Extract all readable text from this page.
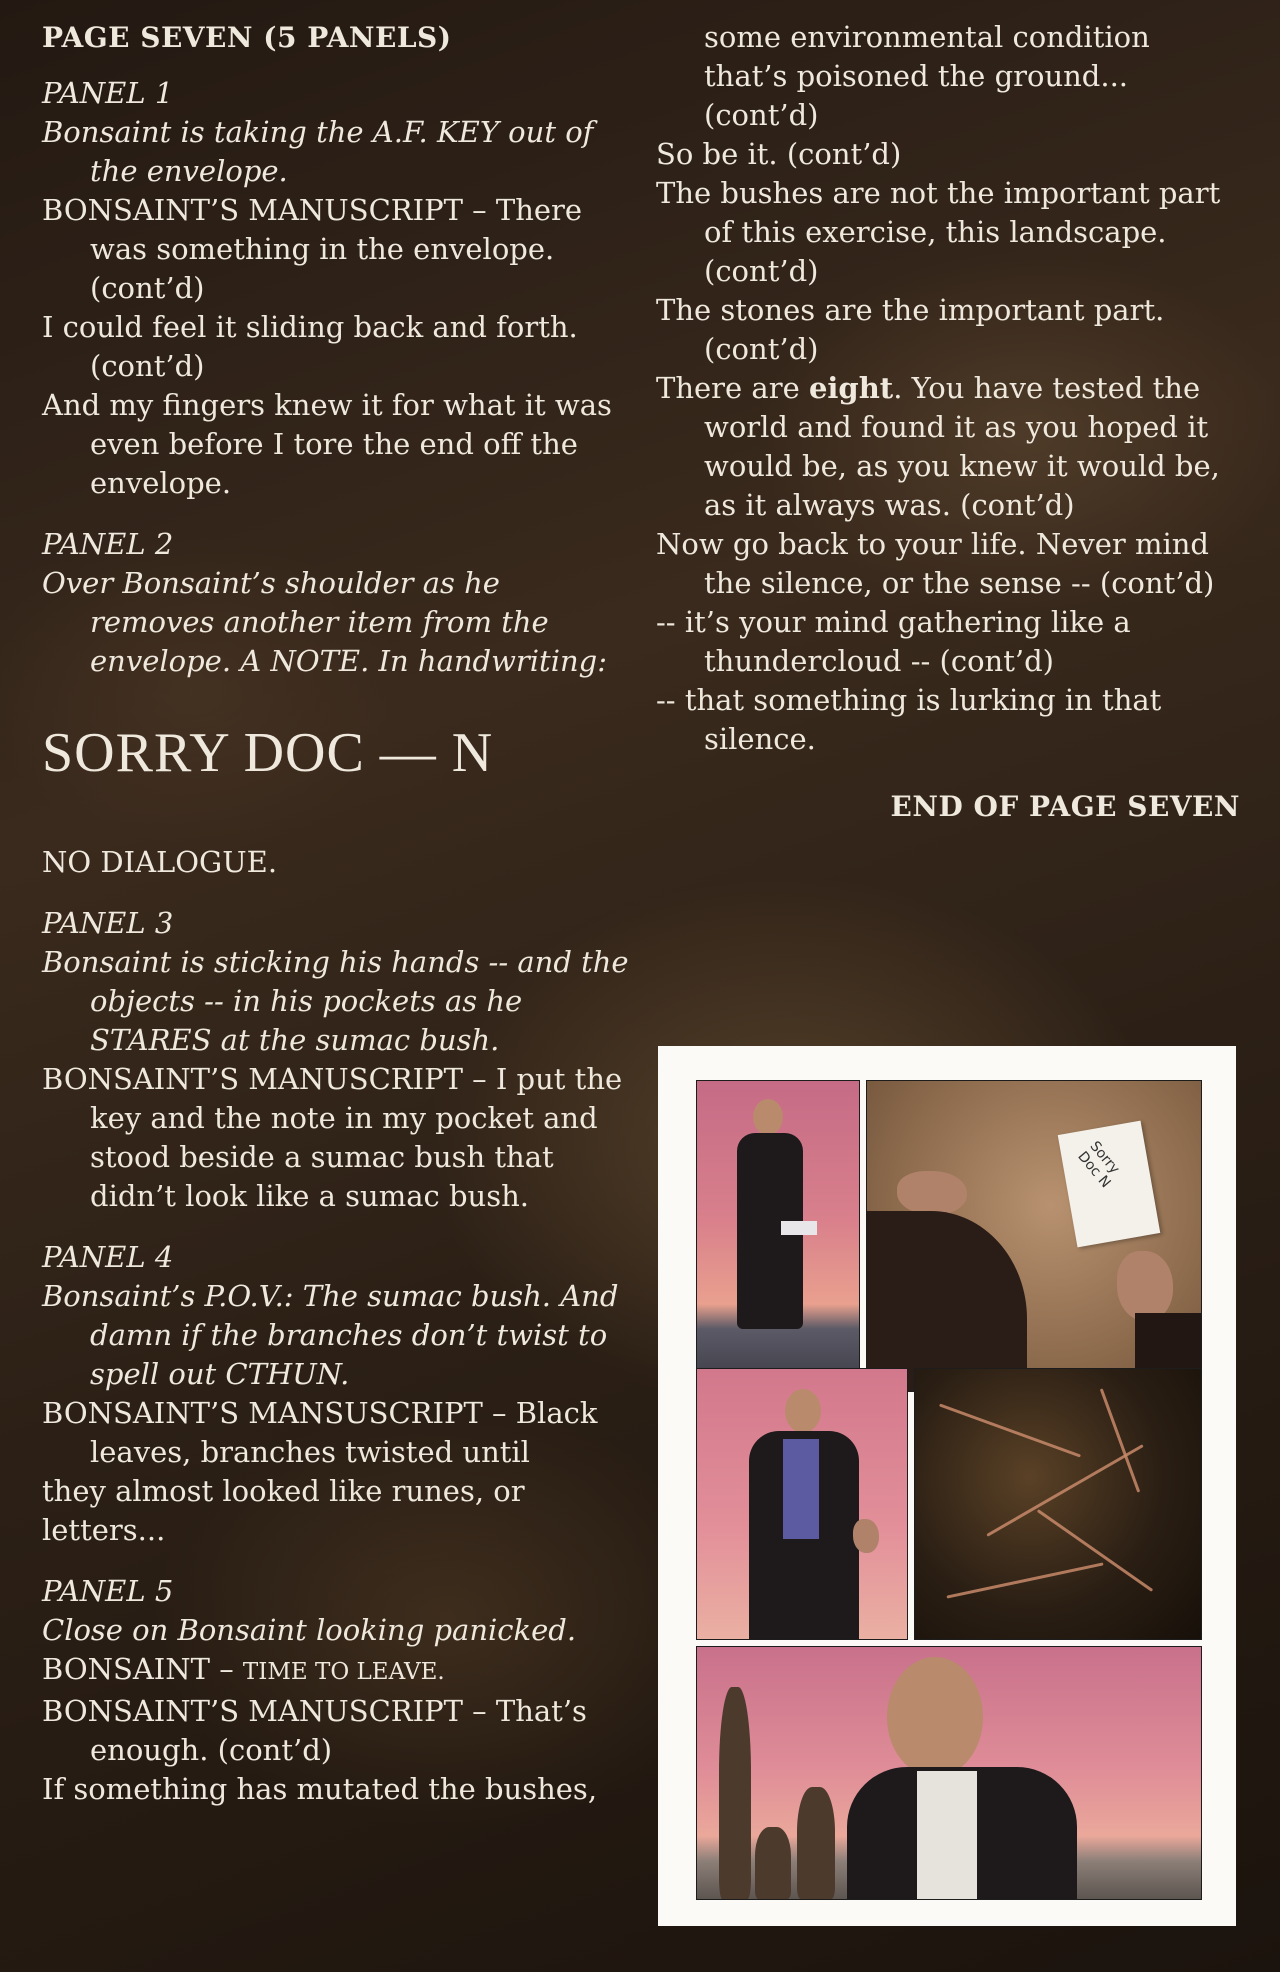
PAGE SEVEN (5 PANELS)

PANEL 1

Bonsaint is taking the A.F. KEY out of the envelope.

BONSAINT’S MANUSCRIPT – There was something in the envelope. (cont’d)

I could feel it sliding back and forth. (cont’d)

And my fingers knew it for what it was even before I tore the end off the envelope.

PANEL 2

Over Bonsaint’s shoulder as he removes another item from the envelope. A NOTE. In handwriting:

SORRY DOC — N

NO DIALOGUE.

PANEL 3

Bonsaint is sticking his hands -- and the objects -- in his pockets as he STARES at the sumac bush.

BONSAINT’S MANUSCRIPT – I put the key and the note in my pocket and stood beside a sumac bush that didn’t look like a sumac bush.

PANEL 4

Bonsaint’s P.O.V.: The sumac bush. And damn if the branches don’t twist to spell out CTHUN.

BONSAINT’S MANSUSCRIPT – Black leaves, branches twisted until

they almost looked like runes, or letters...

PANEL 5

Close on Bonsaint looking panicked.

BONSAINT – TIME TO LEAVE.

BONSAINT’S MANUSCRIPT – That’s enough. (cont’d)

If something has mutated the bushes,

some environmental condition that’s poisoned the ground... (cont’d)

So be it. (cont’d)

The bushes are not the important part of this exercise, this landscape. (cont’d)

The stones are the important part. (cont’d)

There are eight. You have tested the world and found it as you hoped it would be, as you knew it would be, as it always was. (cont’d)

Now go back to your life. Never mind the silence, or the sense -- (cont’d)

-- it’s your mind gathering like a thundercloud -- (cont’d)

-- that something is lurking in that silence.

END OF PAGE SEVEN

Sorry Doc N
